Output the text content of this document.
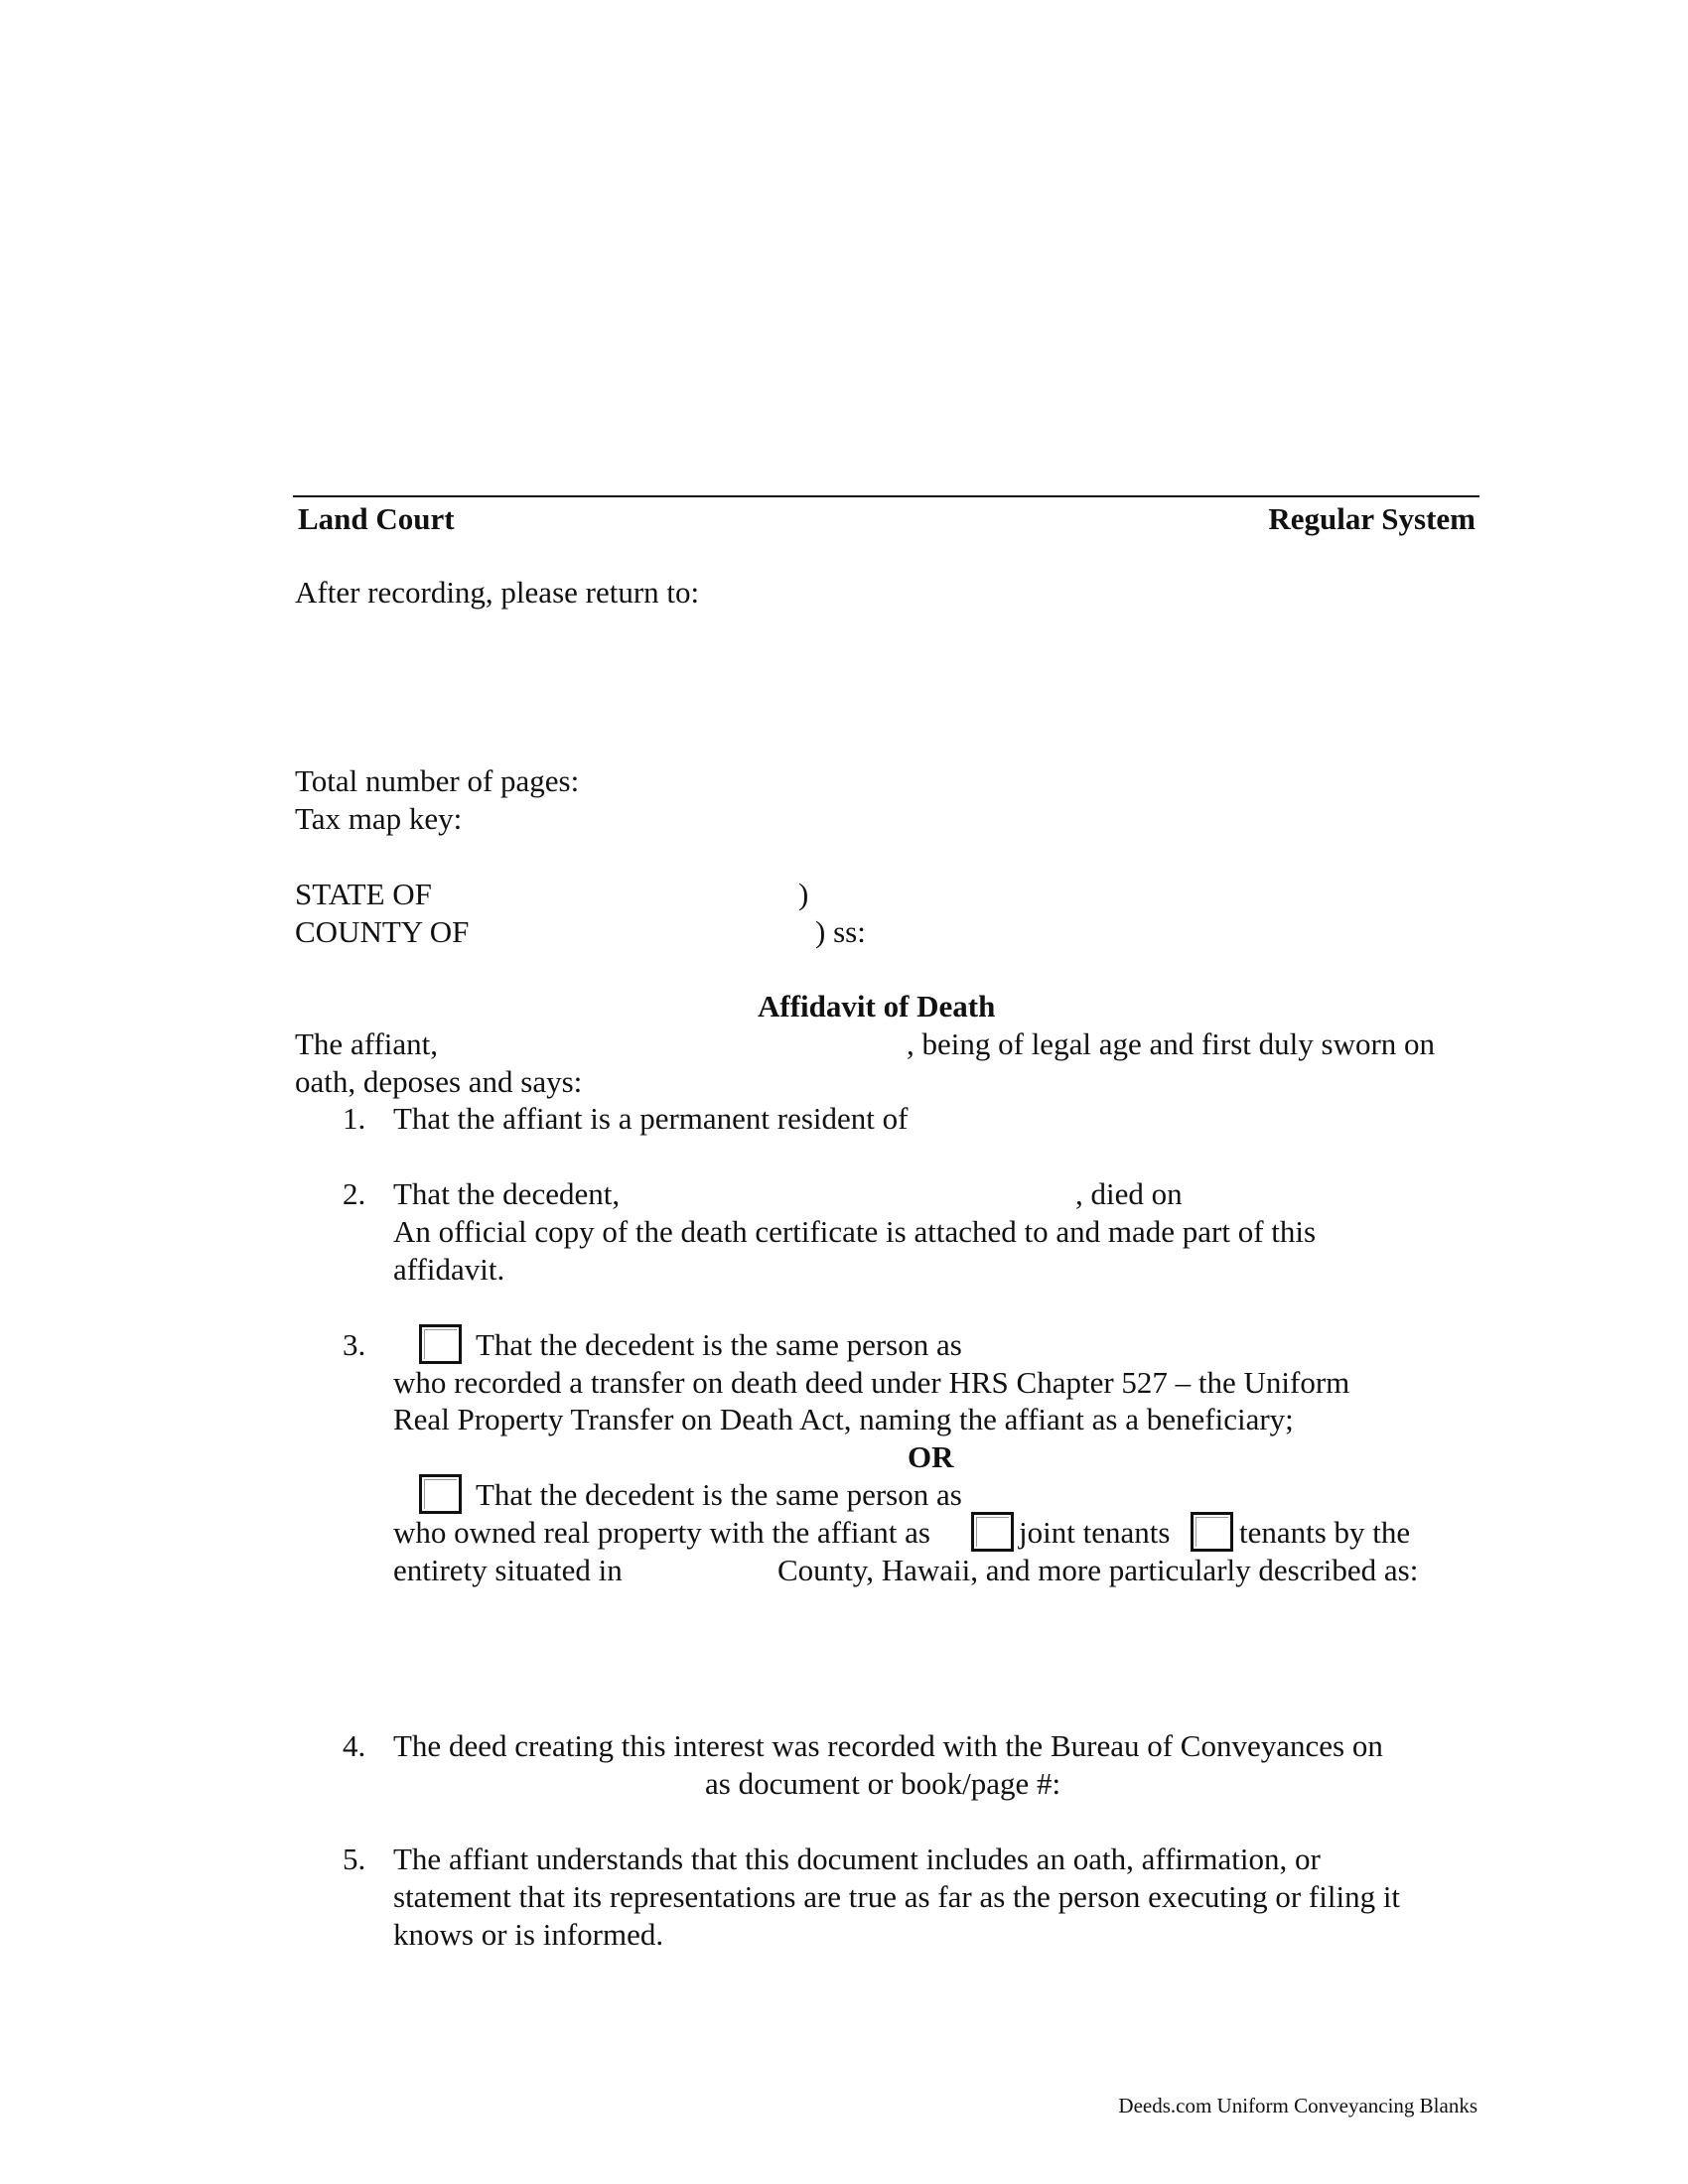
Land Court	Regular System
After recording, please return to:
Total number of pages:
Tax map key:
STATE OF	)
COUNTY OF	) ss:
Affidavit of Death
The affiant,	, being of legal age and first duly sworn on
oath, deposes and says:
1. That the affiant is a permanent resident of
2. That the decedent,	, died on
An official copy of the death certificate is attached to and made part of this
affidavit.
3.	That the decedent is the same person as
who recorded a transfer on death deed under HRS Chapter 527 – the Uniform
Real Property Transfer on Death Act, naming the affiant as a beneficiary;
OR
That the decedent is the same person as
who owned real property with the affiant as	joint tenants tenants by the
entirety situated in	County, Hawaii, and more particularly described as:
4. The deed creating this interest was recorded with the Bureau of Conveyances on
as document or book/page #:
5. The affiant understands that this document includes an oath, affirmation, or
statement that its representations are true as far as the person executing or filing it
knows or is informed.
Deeds.com Uniform Conveyancing Blanks
